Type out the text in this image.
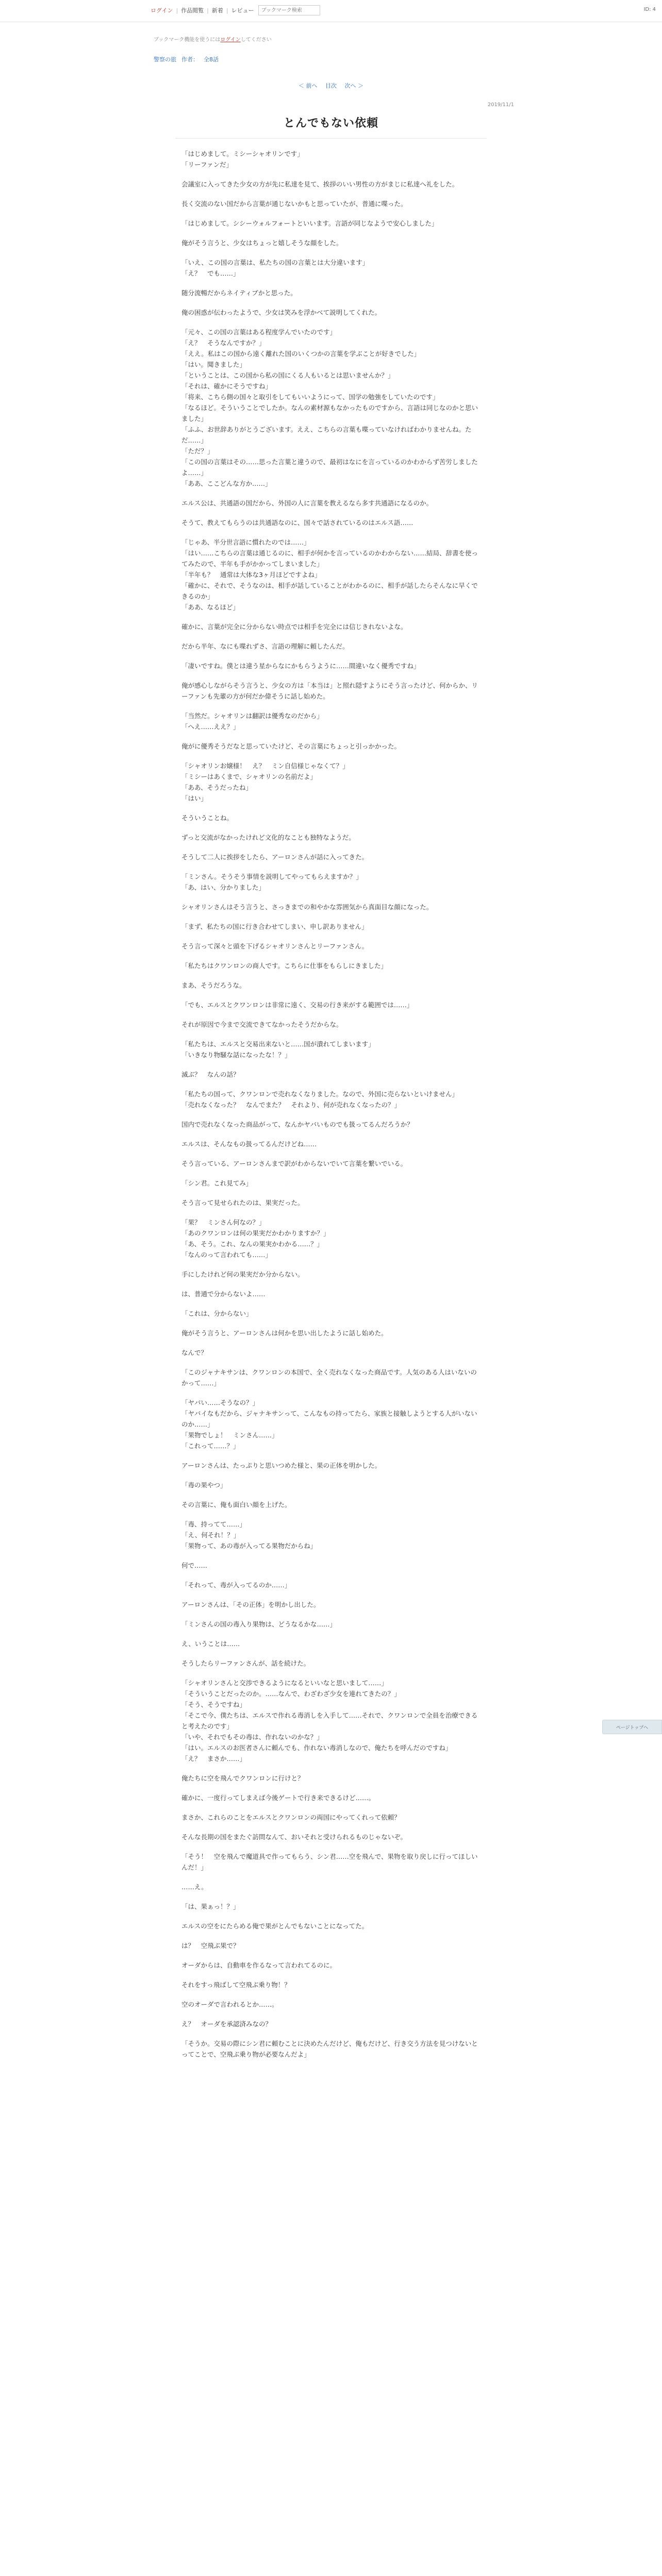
ログイン | 作品閲覧 | 新着 | レビュー
ブックマーク検索	ID: 4
ブックマーク機能を使うにはログインしてください
警察の旅 作者： 全8話
＜ 前へ 目次 次へ ＞
2019/11/1
とんでもない依頼

「はじめまして。ミシーシャオリンです」
「リーファンだ」

会議室に入ってきた少女の方が先に私達を見て、挨拶のいい男性の方がまじに私達へ礼をした。

長く交流のない国だから言葉が通じないかもと思っていたが、普通に喋った。

「はじめまして。シシーウォルフォートといいます。言語が同じなようで安心しました」

俺がそう言うと、少女はちょっと嬉しそうな顔をした。

「いえ、この国の言葉は、私たちの国の言葉とは大分違います」
「え？　でも……」

随分流暢だからネイティブかと思った。

俺の困惑が伝わったようで、少女は笑みを浮かべて説明してくれた。

「元々、この国の言葉はある程度学んでいたのです」
「え？　そうなんですか？」
「ええ。私はこの国から遠く離れた国のいくつかの言葉を学ぶことが好きでした」
「はい。聞きました」
「ということは、この国から私の国にくる人もいるとは思いませんか？」
「それは、確かにそうですね」
「将来、こちら側の国々と取引をしてもいいようにって、国学の勉強をしていたのです」
「なるほど。そういうことでしたか。なんの素材源もなかったものですから、言語は同じなのかと思いました」
「ふふ、お世辞ありがとうございます。ええ、こちらの言葉も喋っていなければわかりませんね。ただ……」
「ただ？」
「この国の言葉はその……思った言葉と違うので、最初はなにを言っているのかわからず苦労しましたよ……」
「ああ、ここどんな方か……」

エルス公は、共通語の国だから、外国の人に言葉を教えるなら多す共通語になるのか。

そうて、教えてもらうのは共通語なのに、国々で話されているのはエルス語……

「じゃあ、半分世言語に慣れたのでは……」
「はい……こちらの言葉は通じるのに、相手が何かを言っているのかわからない……結局、辞書を使ってみたので、半年も手がかかってしまいました」
「半年も？　通常は大体な3ヶ月ほどですよね」
「確かに、それで、そうなのは、相手が話していることがわかるのに、相手が話したらそんなに早くできるのか」
「ああ、なるほど」

確かに、言葉が完全に分からない時点では相手を完全には信じきれないよな。

だから半年、なにも喋れずさ、言語の理解に頼したんだ。

「凄いですね。僕とは違う星からなにかもらうように……間違いなく優秀ですね」

俺が感心しながらそう言うと、少女の方は「本当は」と照れ隠すようにそう言ったけど、何からか、リーファンも先輩の方が何だか偉そうに話し始めた。

「当然だ。シャオリンは翻訳は優秀なのだから」
「へえ……ええ？」

俺がに優秀そうだなと思っていたけど、その言葉にちょっと引っかかった。

「シャオリンお嬢様！　え？　ミン自信様じゃなくて？」
「ミシーはあくまで、シャオリンの名前だよ」
「ああ、そうだったね」
「はい」

そういうことね。

ずっと交流がなかったけれど文化的なことも独特なようだ。

そうして二人に挨拶をしたら、アーロンさんが話に入ってきた。

「ミンさん。そうそう事情を説明してやってもらえますか？」
「あ、はい、分かりました」

シャオリンさんはそう言うと、さっきまでの和やかな雰囲気から真面目な顔になった。

「まず、私たちの国に行き合わせてしまい、申し訳ありません」

そう言って深々と頭を下げるシャオリンさんとリーファンさん。

「私たちはクワンロンの商人です。こちらに仕事をもらしにきました」

まあ、そうだろうな。

「でも、エルスとクワンロンは非常に遠く、交易の行き来がする範囲では……」

それが原因で今まで交流できてなかったそうだからな。

「私たちは、エルスと交易出来ないと……国が潰れてしまいます」
「いきなり物騒な話になったな！？」

滅ぶ？　なんの話？

「私たちの国って、クワンロンで売れなくなりました。なので、外国に売らないといけません」
「売れなくなった？　なんでまた？　それより、何が売れなくなったの？」

国内で売れなくなった商品がって、なんかヤバいものでも扱ってるんだろうか？

エルスは、そんなもの扱ってるんだけどね……

そう言っている、アーロンさんまで訳がわからないでいて言葉を繋いでいる。

「シン君。これ見てみ」

そう言って見せられたのは、果実だった。

「果？　ミンさん何なの？」
「あのクワンロンは何の果実だかわかりますか？」
「あ、そう。これ、なんの果実かわかる……？」
「なんのって言われても……」

手にしたけれど何の果実だか分からない。

は、普通で分からないよ……

「これは、分からない」

俺がそう言うと、アーロンさんは何かを思い出したように話し始めた。

なんで？

「このジャナキサンは、クワンロンの本国で、全く売れなくなった商品です。人気のある人はいないのかって……」

「ヤバい……そうなの？」
「ヤバイなもだから、ジャナキサンって、こんなもの持ってたら、家族と接触しようとする人がいないのか……」
「果物でしょ！　ミンさん……」
「これって……？」

アーロンさんは、たっぷりと思いつめた様と、果の正体を明かした。

「毒の果やつ」

その言葉に、俺も面白い顔を上げた。

「毒、持ってて……」
「え、何それ！？」
「果物って、あの毒が入ってる果物だからね」

何で……

「それって、毒が入ってるのか……」

アーロンさんは、「その正体」を明かし出した。

「ミンさんの国の毒入り果物は、どうなるかな……」

え、いうことは……

そうしたらリーファンさんが、話を続けた。

「シャオリンさんと交渉できるようになるといいなと思いまして……」
「そういうことだったのか。……なんで、わざわざ少女を連れてきたの？」
「そう、そうですね」
「そこで今、僕たちは、エルスで作れる毒消しを入手して……それで、クワンロンで全員を治療できると考えたのです」
「いや、それでもその毒は、作れないのかな？」
「はい。エルスのお医者さんに頼んでも、作れない毒消しなので、俺たちを呼んだのですね」
「え？　まさか……」

俺たちに空を飛んでクワンロンに行けと？

確かに、一度行ってしまえば今後ゲートで行き来できるけど……。

まさか、これらのことをエルスとクワンロンの両国にやってくれって依頼？

そんな長期の国をまたぐ訪問なんて、おいそれと受けられるものじゃないぞ。

「そう！　空を飛んで魔道具で作ってもらう、シン君……空を飛んで、果物を取り戻しに行ってほしいんだ！」

……え。

「は、果ぁっ！？」

エルスの空をにたらめる俺で果がとんでもないことになってた。

は？　空飛ぶ果で？

オーダからは、自動車を作るなって言われてるのに。

それをすっ飛ばして空飛ぶ乗り物！？

空のオーダで言われるとか……。

え？　オーダを承認済みなの？

「そうか。交易の際にシン君に頼むことに決めたんだけど、俺もだけど、行き交う方法を見つけないとってことで、空飛ぶ乗り物が必要なんだよ」

ページトップへ
